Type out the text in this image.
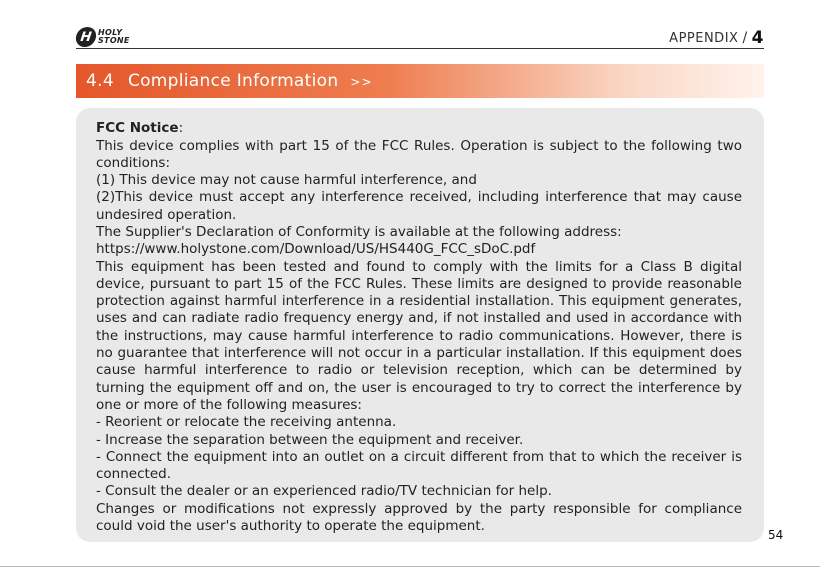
H HOLY
STONE	APPENDIX / 4
4.4 Compliance Information >>
FCC Notice:

This device complies with part 15 of the FCC Rules. Operation is subject to the following two conditions:

(1) This device may not cause harmful interference, and

(2)This device must accept any interference received, including interference that may cause undesired operation.

The Supplier's Declaration of Conformity is available at the following address:

https://www.holystone.com/Download/US/HS440G_FCC_sDoC.pdf

This equipment has been tested and found to comply with the limits for a Class B digital device, pursuant to part 15 of the FCC Rules. These limits are designed to provide reasonable protection against harmful interference in a residential installation. This equipment generates, uses and can radiate radio frequency energy and, if not installed and used in accordance with the instructions, may cause harmful interference to radio communications. However, there is no guarantee that interference will not occur in a particular installation. If this equipment does cause harmful interference to radio or television reception, which can be determined by turning the equipment off and on, the user is encouraged to try to correct the interference by one or more of the following measures:

- Reorient or relocate the receiving antenna.

- Increase the separation between the equipment and receiver.

- Connect the equipment into an outlet on a circuit different from that to which the receiver is connected.

- Consult the dealer or an experienced radio/TV technician for help.

Changes or modifications not expressly approved by the party responsible for compliance could void the user's authority to operate the equipment.

54
